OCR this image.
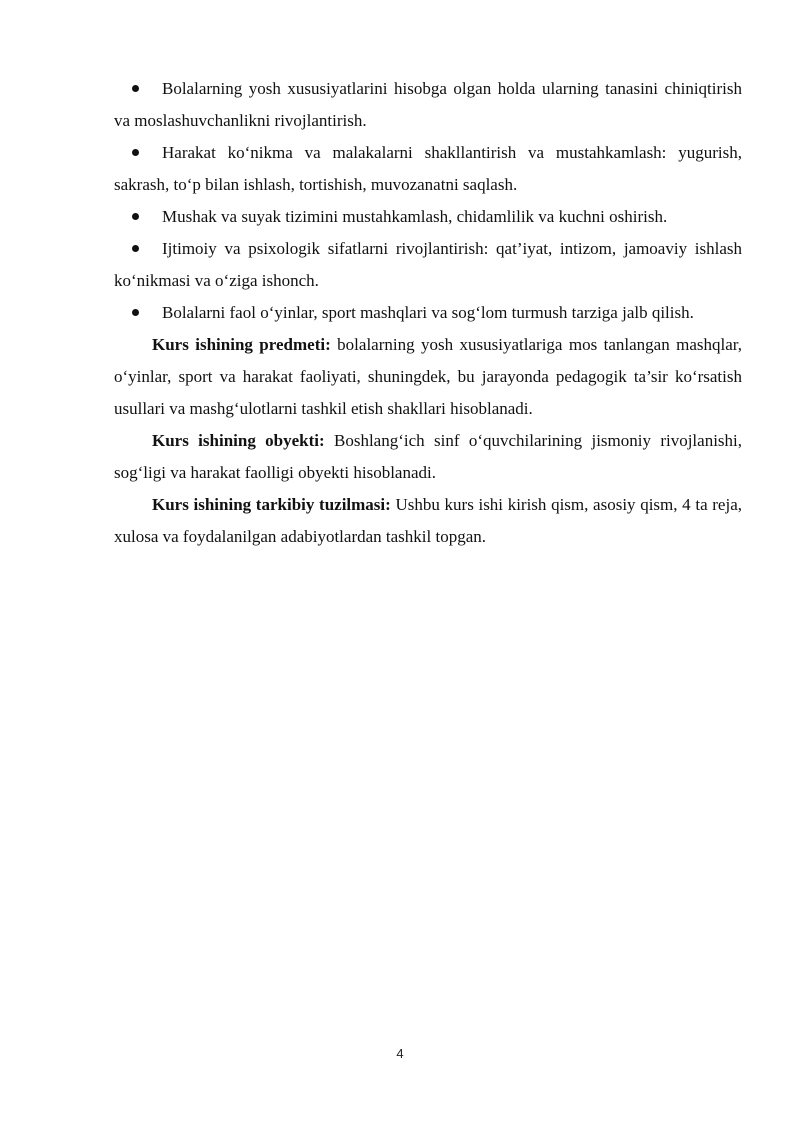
Bolalarning yosh xususiyatlarini hisobga olgan holda ularning tanasini chiniqtirish va moslashuvchanlikni rivojlantirish.
Harakat ko‘nikma va malakalarni shakllantirish va mustahkamlash: yugurish, sakrash, to‘p bilan ishlash, tortishish, muvozanatni saqlash.
Mushak va suyak tizimini mustahkamlash, chidamlilik va kuchni oshirish.
Ijtimoiy va psixologik sifatlarni rivojlantirish: qat’iyat, intizom, jamoaviy ishlash ko‘nikmasi va o‘ziga ishonch.
Bolalarni faol o‘yinlar, sport mashqlari va sog‘lom turmush tarziga jalb qilish.

Kurs ishining predmeti: bolalarning yosh xususiyatlariga mos tanlangan mashqlar, o‘yinlar, sport va harakat faoliyati, shuningdek, bu jarayonda pedagogik ta’sir ko‘rsatish usullari va mashg‘ulotlarni tashkil etish shakllari hisoblanadi.

Kurs ishining obyekti: Boshlang‘ich sinf o‘quvchilarining jismoniy rivojlanishi, sog‘ligi va harakat faolligi obyekti hisoblanadi.

Kurs ishining tarkibiy tuzilmasi: Ushbu kurs ishi kirish qism, asosiy qism, 4 ta reja, xulosa va foydalanilgan adabiyotlardan tashkil topgan.

4
